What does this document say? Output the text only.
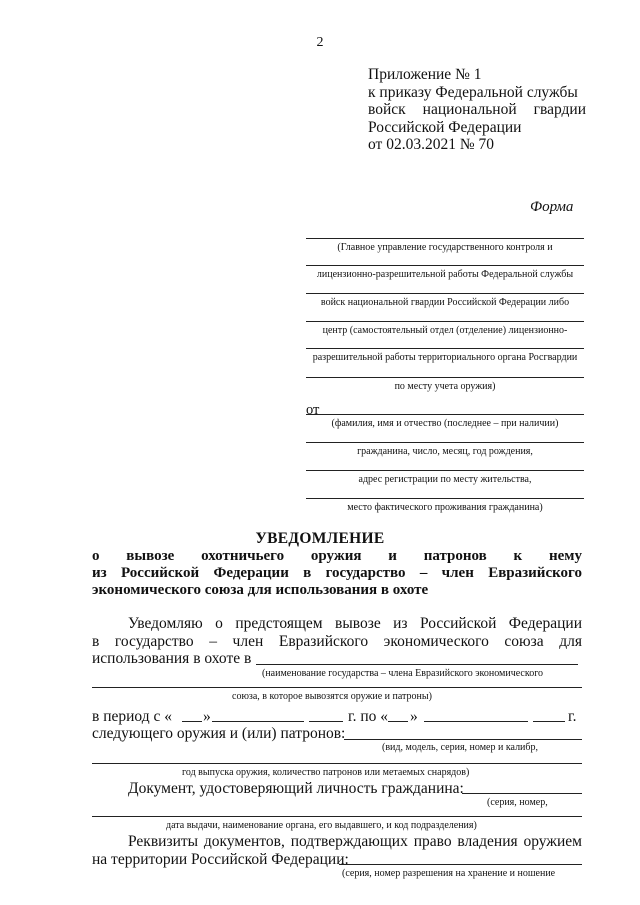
2
Приложение № 1
к приказу Федеральной службы
войск национальной гвардии
Российской Федерации
от 02.03.2021 № 70
Форма
(Главное управление государственного контроля и
лицензионно-разрешительной работы Федеральной службы
войск национальной гвардии Российской Федерации либо
центр (самостоятельный отдел (отделение) лицензионно-
разрешительной работы территориального органа Росгвардии
по месту учета оружия)
от
(фамилия, имя и отчество (последнее – при наличии)
гражданина, число, месяц, год рождения,
адрес регистрации по месту жительства,
место фактического проживания гражданина)
УВЕДОМЛЕНИЕ
о вывозе охотничьего оружия и патронов к нему
из Российской Федерации в государство – член Евразийского
экономического союза для использования в охоте
Уведомляю о предстоящем вывозе из Российской Федерации
в государство – член Евразийского экономического союза для
использования в охоте в
(наименование государства – члена Евразийского экономического
союза, в которое вывозятся оружие и патроны)
в период с « »	г. по « »	г.
следующего оружия и (или) патронов:
(вид, модель, серия, номер и калибр,
год выпуска оружия, количество патронов или метаемых снарядов)
Документ, удостоверяющий личность гражданина:
(серия, номер,
дата выдачи, наименование органа, его выдавшего, и код подразделения)
Реквизиты документов, подтверждающих право владения оружием
на территории Российской Федерации:
(серия, номер разрешения на хранение и ношение
